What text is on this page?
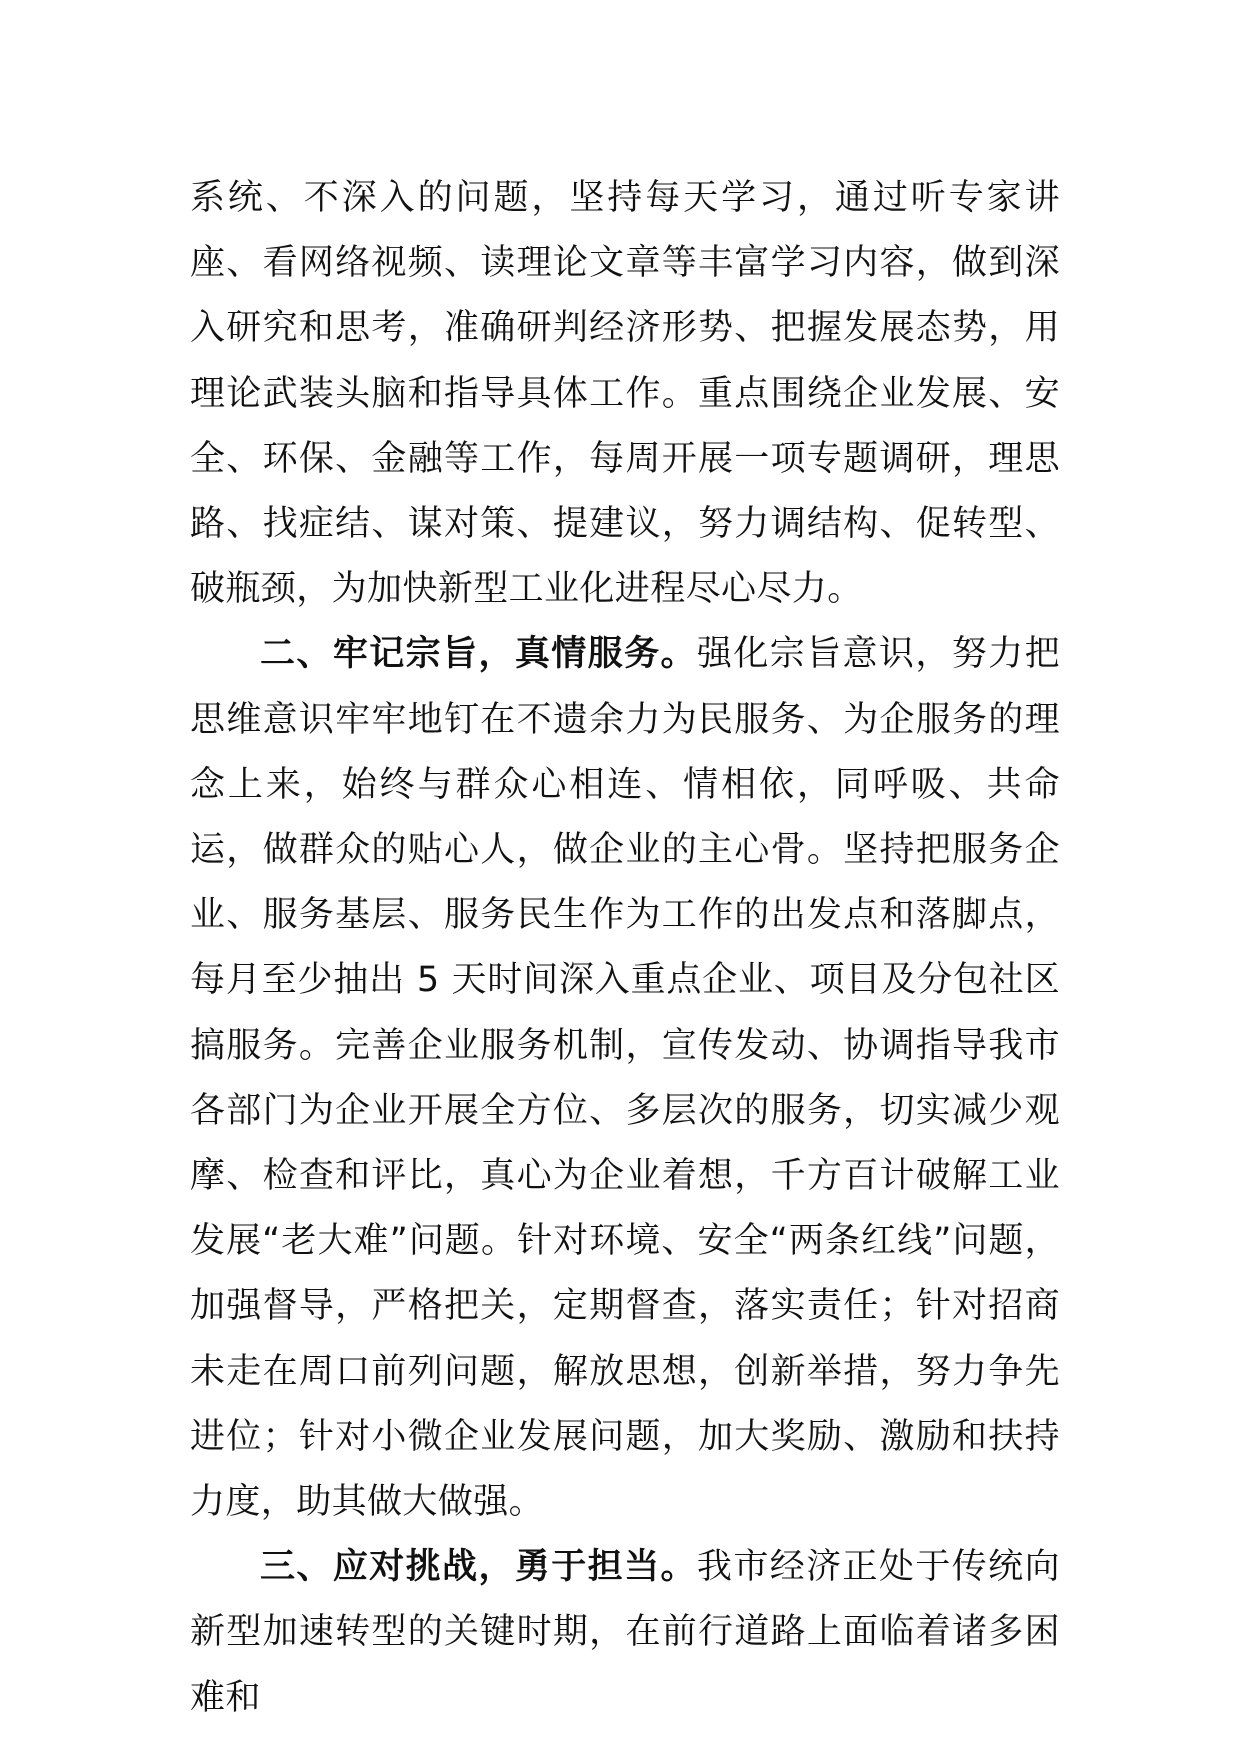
系统、不深入的问题，坚持每天学习，通过听专家讲座、看网络视频、读理论文章等丰富学习内容，做到深入研究和思考，准确研判经济形势、把握发展态势，用理论武装头脑和指导具体工作。重点围绕企业发展、安全、环保、金融等工作，每周开展一项专题调研，理思路、找症结、谋对策、提建议，努力调结构、促转型、破瓶颈，为加快新型工业化进程尽心尽力。

二、牢记宗旨，真情服务。强化宗旨意识，努力把思维意识牢牢地钉在不遗余力为民服务、为企服务的理念上来，始终与群众心相连、情相依，同呼吸、共命运，做群众的贴心人，做企业的主心骨。坚持把服务企业、服务基层、服务民生作为工作的出发点和落脚点，每月至少抽出 5 天时间深入重点企业、项目及分包社区搞服务。完善企业服务机制，宣传发动、协调指导我市各部门为企业开展全方位、多层次的服务，切实减少观摩、检查和评比，真心为企业着想，千方百计破解工业发展“老大难”问题。针对环境、安全“两条红线”问题，加强督导，严格把关，定期督查，落实责任；针对招商未走在周口前列问题，解放思想，创新举措，努力争先进位；针对小微企业发展问题，加大奖励、激励和扶持力度，助其做大做强。

三、应对挑战，勇于担当。我市经济正处于传统向新型加速转型的关键时期，在前行道路上面临着诸多困难和
